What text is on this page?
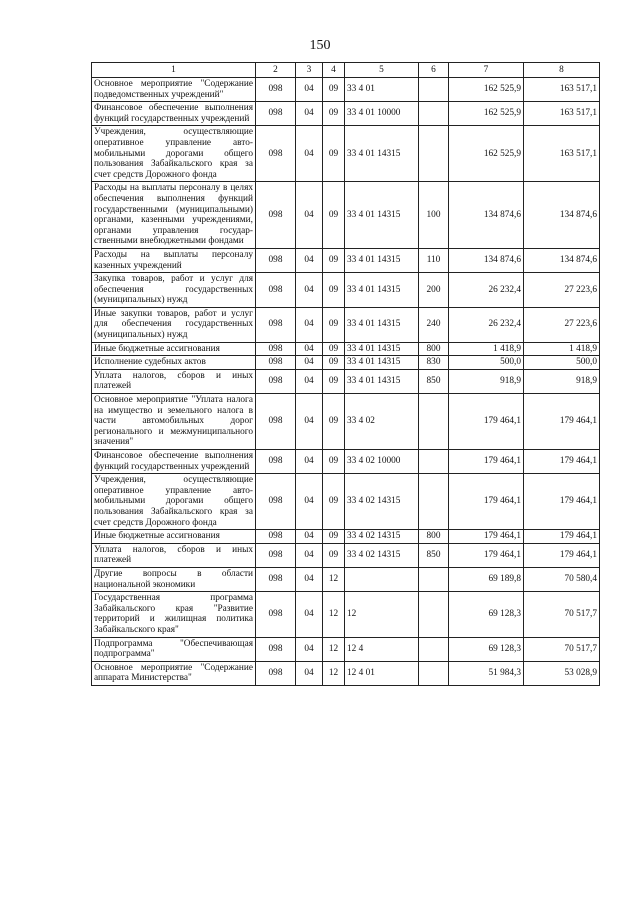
150
1	2	3	4	5	6	7	8
Основное мероприятие "Содержание подведомственных учреждений"	098	04	09	33 4 01		162 525,9	163 517,1
Финансовое обеспечение выполнения функций государственных учреждений	098	04	09	33 4 01 10000		162 525,9	163 517,1
Учреждения, осуществляющие оперативное управление автомобильными дорогами общего пользования Забайкальского края за счет средств Дорожного фонда	098	04	09	33 4 01 14315		162 525,9	163 517,1
Расходы на выплаты персоналу в целях обеспечения выполнения функций государственными (муниципальными) органами, казенными учреждениями, органами управления государственными внебюджетными фондами	098	04	09	33 4 01 14315	100	134 874,6	134 874,6
Расходы на выплаты персоналу казенных учреждений	098	04	09	33 4 01 14315	110	134 874,6	134 874,6
Закупка товаров, работ и услуг для обеспечения государственных (муниципальных) нужд	098	04	09	33 4 01 14315	200	26 232,4	27 223,6
Иные закупки товаров, работ и услуг для обеспечения государственных (муниципальных) нужд	098	04	09	33 4 01 14315	240	26 232,4	27 223,6
Иные бюджетные ассигнования	098	04	09	33 4 01 14315	800	1 418,9	1 418,9
Исполнение судебных актов	098	04	09	33 4 01 14315	830	500,0	500,0
Уплата налогов, сборов и иных платежей	098	04	09	33 4 01 14315	850	918,9	918,9
Основное мероприятие "Уплата налога на имущество и земельного налога в части автомобильных дорог регионального и межмуниципального значения"	098	04	09	33 4 02		179 464,1	179 464,1
Финансовое обеспечение выполнения функций государственных учреждений	098	04	09	33 4 02 10000		179 464,1	179 464,1
Учреждения, осуществляющие оперативное управление автомобильными дорогами общего пользования Забайкальского края за счет средств Дорожного фонда	098	04	09	33 4 02 14315		179 464,1	179 464,1
Иные бюджетные ассигнования	098	04	09	33 4 02 14315	800	179 464,1	179 464,1
Уплата налогов, сборов и иных платежей	098	04	09	33 4 02 14315	850	179 464,1	179 464,1
Другие вопросы в области национальной экономики	098	04	12			69 189,8	70 580,4
Государственная программа Забайкальского края "Развитие территорий и жилищная политика Забайкальского края"	098	04	12	12		69 128,3	70 517,7
Подпрограмма "Обеспечивающая подпрограмма"	098	04	12	12 4		69 128,3	70 517,7
Основное мероприятие "Содержание аппарата Министерства"	098	04	12	12 4 01		51 984,3	53 028,9
